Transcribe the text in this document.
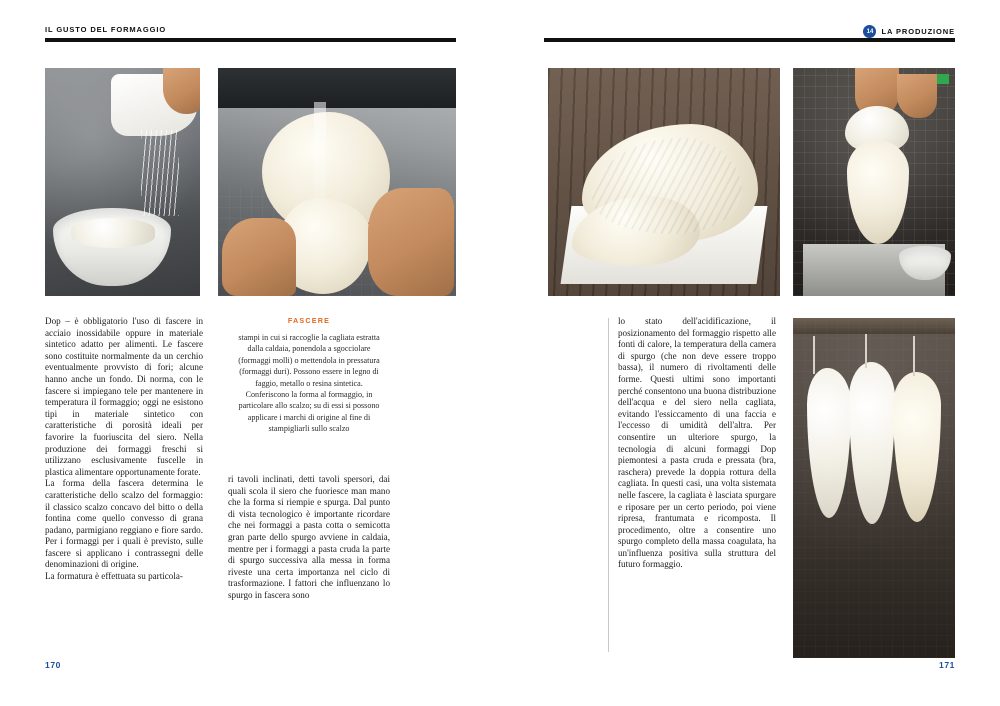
IL GUSTO DEL FORMAGGIO
FASCERE
stampi in cui si raccoglie la cagliata estratta dalla caldaia, ponendola a sgocciolare (formaggi molli) o mettendola in pressatura (formaggi duri). Possono essere in legno di faggio, metallo o resina sintetica. Conferiscono la forma al formaggio, in particolare allo scalzo; su di essi si possono applicare i marchi di origine al fine di stampigliarli sullo scalzo

Dop – è obbligatorio l'uso di fascere in acciaio inossidabile oppure in materiale sintetico adatto per alimenti. Le fascere sono costituite normalmente da un cerchio eventualmente provvisto di fori; alcune hanno anche un fondo. Di norma, con le fascere si impiegano tele per mantenere in temperatura il formaggio; oggi ne esistono tipi in materiale sintetico con caratteristiche di porosità ideali per favorire la fuoriuscita del siero. Nella produzione dei formaggi freschi si utilizzano esclusivamente fuscelle in plastica alimentare opportunamente forate.

La forma della fascera determina le caratteristiche dello scalzo del formaggio: il classico scalzo concavo del bitto o della fontina come quello convesso di grana padano, parmigiano reggiano e fiore sardo. Per i formaggi per i quali è previsto, sulle fascere si applicano i contrassegni delle denominazioni di origine.

La formatura è effettuata su particola-

ri tavoli inclinati, detti tavoli spersori, dai quali scola il siero che fuoriesce man mano che la forma si riempie e spurga. Dal punto di vista tecnologico è importante ricordare che nei formaggi a pasta cotta o semicotta gran parte dello spurgo avviene in caldaia, mentre per i formaggi a pasta cruda la parte di spurgo successiva alla messa in forma riveste una certa importanza nel ciclo di trasformazione. I fattori che influenzano lo spurgo in fascera sono

170
14	LA PRODUZIONE

lo stato dell'acidificazione, il posizionamento del formaggio rispetto alle fonti di calore, la temperatura della camera di spurgo (che non deve essere troppo bassa), il numero di rivoltamenti delle forme. Questi ultimi sono importanti perché consentono una buona distribuzione dell'acqua e del siero nella cagliata, evitando l'essiccamento di una faccia e l'eccesso di umidità dell'altra. Per consentire un ulteriore spurgo, la tecnologia di alcuni formaggi Dop piemontesi a pasta cruda e pressata (bra, raschera) prevede la doppia rottura della cagliata. In questi casi, una volta sistemata nelle fascere, la cagliata è lasciata spurgare e riposare per un certo periodo, poi viene ripresa, frantumata e ricomposta. Il procedimento, oltre a consentire uno spurgo completo della massa coagulata, ha un'influenza positiva sulla struttura del futuro formaggio.

171
